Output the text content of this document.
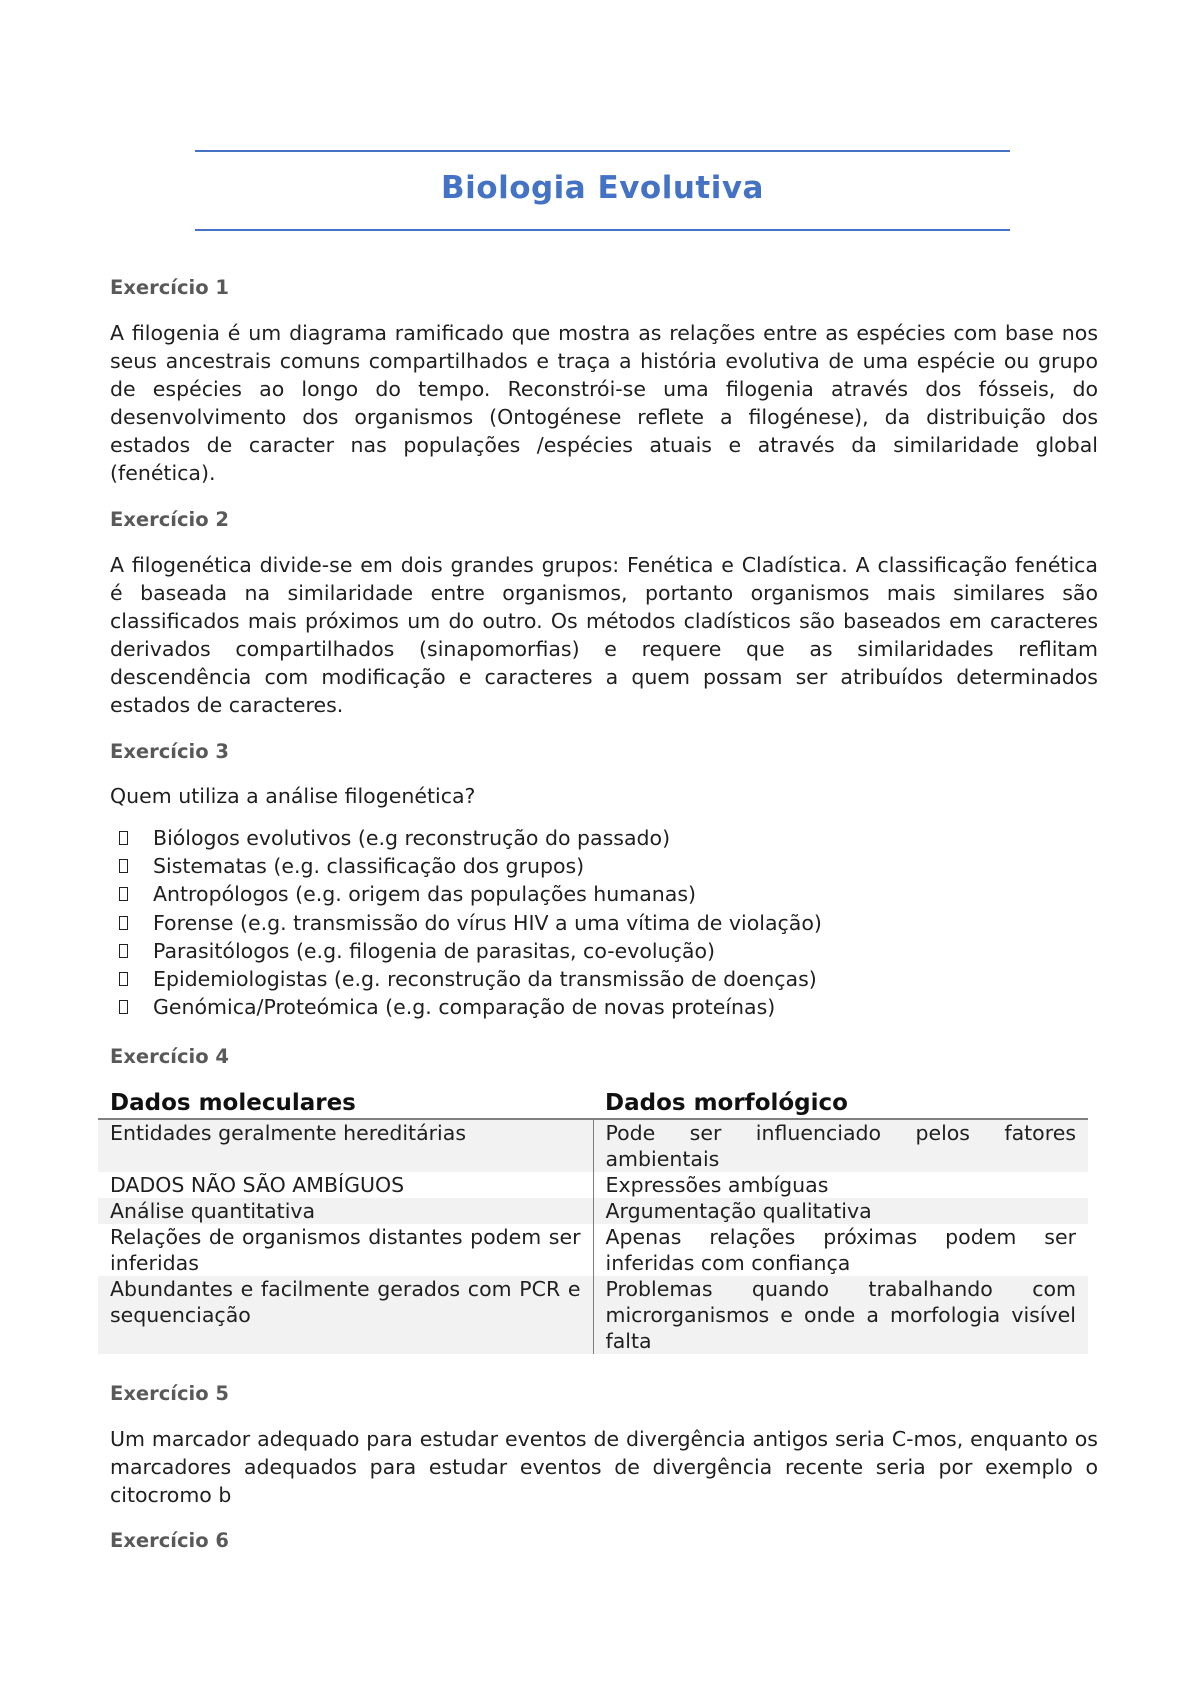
Biologia Evolutiva
Exercício 1

A filogenia é um diagrama ramificado que mostra as relações entre as espécies com base nos seus ancestrais comuns compartilhados e traça a história evolutiva de uma espécie ou grupo de espécies ao longo do tempo. Reconstrói-se uma filogenia através dos fósseis, do desenvolvimento dos organismos (Ontogénese reflete a filogénese), da distribuição dos estados de caracter nas populações /espécies atuais e através da similaridade global (fenética).

Exercício 2

A filogenética divide-se em dois grandes grupos: Fenética e Cladística. A classificação fenética é baseada na similaridade entre organismos, portanto organismos mais similares são classificados mais próximos um do outro. Os métodos cladísticos são baseados em caracteres derivados compartilhados (sinapomorfias) e requere que as similaridades reflitam descendência com modificação e caracteres a quem possam ser atribuídos determinados estados de caracteres.

Exercício 3

Quem utiliza a análise filogenética?

Biólogos evolutivos (e.g reconstrução do passado)
Sistematas (e.g. classificação dos grupos)
Antropólogos (e.g. origem das populações humanas)
Forense (e.g. transmissão do vírus HIV a uma vítima de violação)
Parasitólogos (e.g. filogenia de parasitas, co-evolução)
Epidemiologistas (e.g. reconstrução da transmissão de doenças)
Genómica/Proteómica (e.g. comparação de novas proteínas)
Exercício 4
Dados moleculares	Dados morfológico
Entidades geralmente hereditárias	Pode ser influenciado pelos fatores ambientais
DADOS NÃO SÃO AMBÍGUOS	Expressões ambíguas
Análise quantitativa	Argumentação qualitativa
Relações de organismos distantes podem ser inferidas	Apenas relações próximas podem ser inferidas com confiança
Abundantes e facilmente gerados com PCR e sequenciação	Problemas quando trabalhando com microrganismos e onde a morfologia visível falta
Exercício 5

Um marcador adequado para estudar eventos de divergência antigos seria C-mos, enquanto os marcadores adequados para estudar eventos de divergência recente seria por exemplo o citocromo b

Exercício 6
